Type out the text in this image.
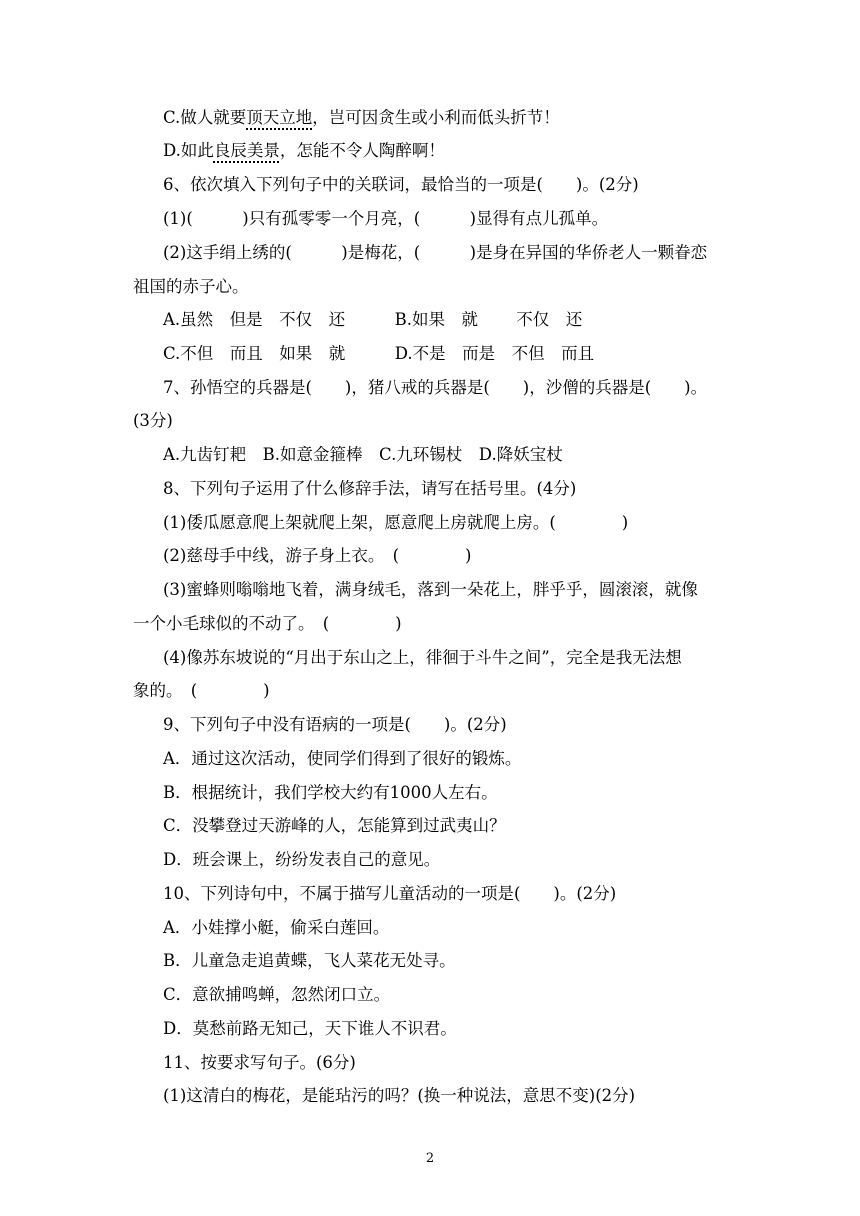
C.做人就要顶天立地，岂可因贪生或小利而低头折节！
D.如此良辰美景，怎能不令人陶醉啊！
6、依次填入下列句子中的关联词，最恰当的一项是(　　)。(2分)
(1)(　　　)只有孤零零一个月亮，(　　　)显得有点儿孤单。
(2)这手绢上绣的(　　　)是梅花，(　　　)是身在异国的华侨老人一颗眷恋
祖国的赤子心。
A.虽然　但是　不仅　还　　　B.如果　就　　 不仅　还
C.不但　而且　如果　就　　　D.不是　而是　不但　而且
7、孙悟空的兵器是(　　)，猪八戒的兵器是(　　)，沙僧的兵器是(　　)。
(3分)
A.九齿钉耙　B.如意金箍棒　C.九环锡杖　D.降妖宝杖
8、下列句子运用了什么修辞手法，请写在括号里。(4分)
(1)倭瓜愿意爬上架就爬上架，愿意爬上房就爬上房。(　　　　)
(2)慈母手中线，游子身上衣。　(　　　　)
(3)蜜蜂则嗡嗡地飞着，满身绒毛，落到一朵花上，胖乎乎，圆滚滚，就像
一个小毛球似的不动了。　(　　　　)
(4)像苏东坡说的“月出于东山之上，徘徊于斗牛之间”，完全是我无法想
象的。　(　　　　)
9、下列句子中没有语病的一项是(　　)。(2分)
A．通过这次活动，使同学们得到了很好的锻炼。
B．根据统计，我们学校大约有1000人左右。
C．没攀登过天游峰的人，怎能算到过武夷山？
D．班会课上，纷纷发表自己的意见。
10、下列诗句中，不属于描写儿童活动的一项是(　　)。(2分)
A．小娃撑小艇，偷采白莲回。
B．儿童急走追黄蝶，飞人菜花无处寻。
C．意欲捕鸣蝉，忽然闭口立。
D．莫愁前路无知己，天下谁人不识君。
11、按要求写句子。(6分)
(1)这清白的梅花，是能玷污的吗？(换一种说法，意思不变)(2分)
2
